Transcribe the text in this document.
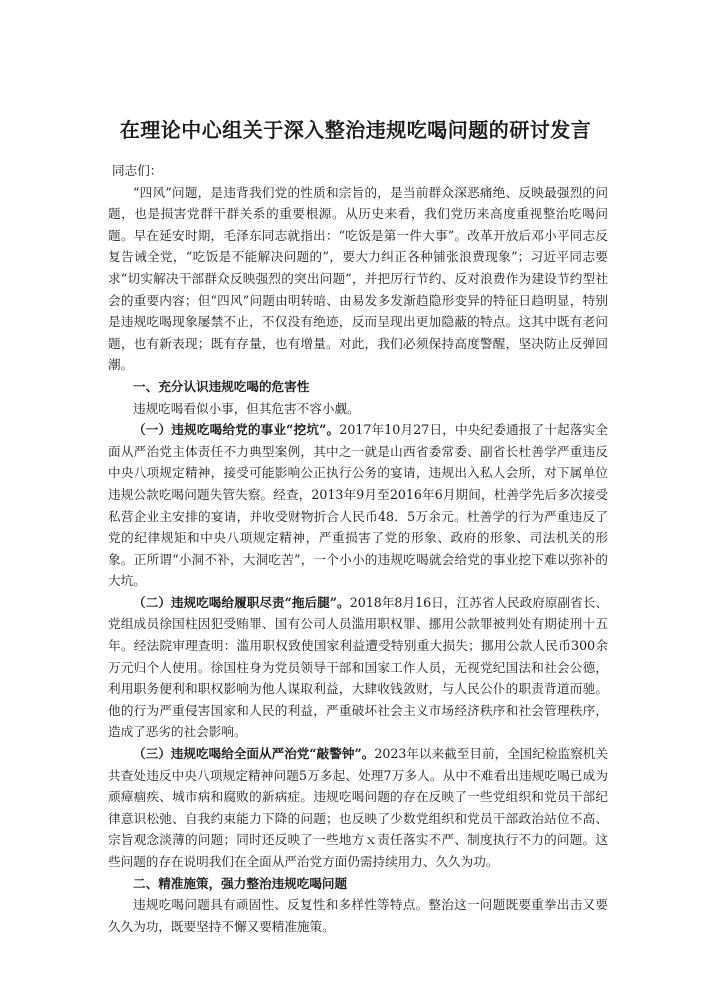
在理论中心组关于深入整治违规吃喝问题的研讨发言

同志们：

“四风”问题，是违背我们党的性质和宗旨的，是当前群众深恶痛绝、反映最强烈的问题，也是损害党群干群关系的重要根源。从历史来看，我们党历来高度重视整治吃喝问题。早在延安时期，毛泽东同志就指出：“吃饭是第一件大事”。改革开放后邓小平同志反复告诫全党，“吃饭是不能解决问题的”，要大力纠正各种铺张浪费现象”；习近平同志要求“切实解决干部群众反映强烈的突出问题”，并把厉行节约、反对浪费作为建设节约型社会的重要内容；但“四风”问题由明转暗、由易发多发渐趋隐形变异的特征日趋明显，特别是违规吃喝现象屡禁不止，不仅没有绝迹，反而呈现出更加隐蔽的特点。这其中既有老问题，也有新表现；既有存量，也有增量。对此，我们必须保持高度警醒，坚决防止反弹回潮。

一、充分认识违规吃喝的危害性

违规吃喝看似小事，但其危害不容小觑。

（一）违规吃喝给党的事业“挖坑”。2017年10月27日，中央纪委通报了十起落实全面从严治党主体责任不力典型案例，其中之一就是山西省委常委、副省长杜善学严重违反中央八项规定精神，接受可能影响公正执行公务的宴请，违规出入私人会所，对下属单位违规公款吃喝问题失管失察。经查，2013年9月至2016年6月期间，杜善学先后多次接受私营企业主安排的宴请，并收受财物折合人民币48．5万余元。杜善学的行为严重违反了党的纪律规矩和中央八项规定精神，严重损害了党的形象、政府的形象、司法机关的形象。正所谓“小洞不补，大洞吃苦”，一个小小的违规吃喝就会给党的事业挖下难以弥补的大坑。

（二）违规吃喝给履职尽责“拖后腿”。2018年8月16日，江苏省人民政府原副省长、党组成员徐国柱因犯受贿罪、国有公司人员滥用职权罪、挪用公款罪被判处有期徒刑十五年。经法院审理查明：滥用职权致使国家利益遭受特别重大损失；挪用公款人民币300余万元归个人使用。徐国柱身为党员领导干部和国家工作人员，无视党纪国法和社会公德，利用职务便利和职权影响为他人谋取利益，大肆收钱敛财，与人民公仆的职责背道而驰。他的行为严重侵害国家和人民的利益，严重破坏社会主义市场经济秩序和社会管理秩序，造成了恶劣的社会影响。

（三）违规吃喝给全面从严治党“敲警钟”。2023年以来截至目前，全国纪检监察机关共查处违反中央八项规定精神问题5万多起、处理7万多人。从中不难看出违规吃喝已成为顽瘴痼疾、城市病和腐败的新病症。违规吃喝问题的存在反映了一些党组织和党员干部纪律意识松弛、自我约束能力下降的问题；也反映了少数党组织和党员干部政治站位不高、宗旨观念淡薄的问题；同时还反映了一些地方ｘ责任落实不严、制度执行不力的问题。这些问题的存在说明我们在全面从严治党方面仍需持续用力、久久为功。

二、精准施策，强力整治违规吃喝问题

违规吃喝问题具有顽固性、反复性和多样性等特点。整治这一问题既要重拳出击又要久久为功，既要坚持不懈又要精准施策。
